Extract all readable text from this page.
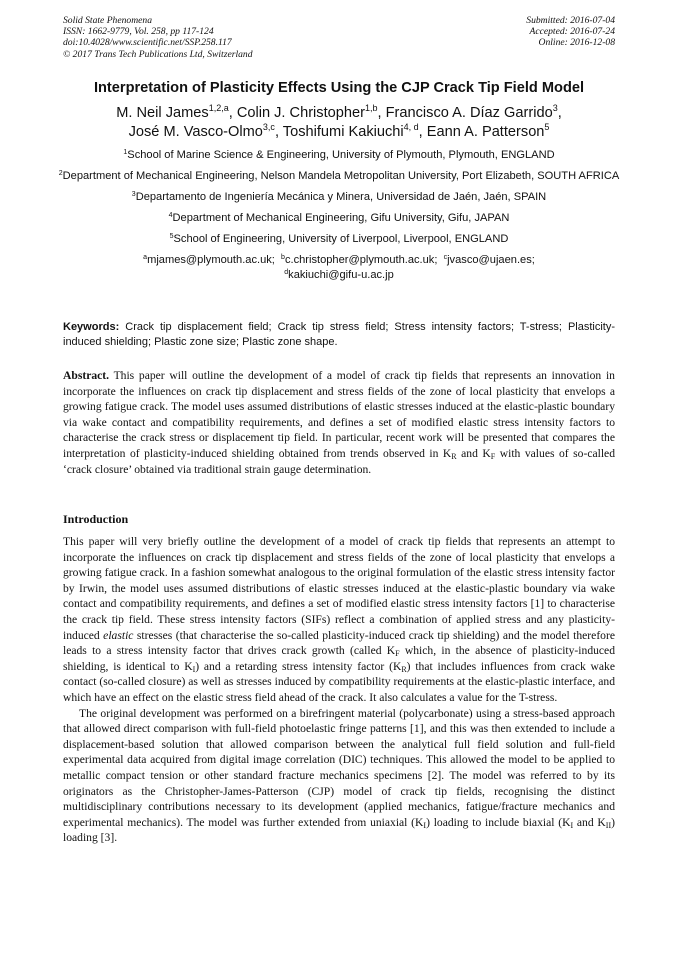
Solid State Phenomena
ISSN: 1662-9779, Vol. 258, pp 117-124
doi:10.4028/www.scientific.net/SSP.258.117
© 2017 Trans Tech Publications Ltd, Switzerland
Submitted: 2016-07-04
Accepted: 2016-07-24
Online: 2016-12-08
Interpretation of Plasticity Effects Using the CJP Crack Tip Field Model
M. Neil James$^{1,2,a}$, Colin J. Christopher$^{1,b}$, Francisco A. Díaz Garrido$^3$,
José M. Vasco-Olmo$^{3,c}$, Toshifumi Kakiuchi$^{4, d}$, Eann A. Patterson$^5$
$^1$School of Marine Science & Engineering, University of Plymouth, Plymouth, ENGLAND
$^2$Department of Mechanical Engineering, Nelson Mandela Metropolitan University, Port Elizabeth, SOUTH AFRICA
$^3$Departamento de Ingeniería Mecánica y Minera, Universidad de Jaén, Jaén, SPAIN
$^4$Department of Mechanical Engineering, Gifu University, Gifu, JAPAN
$^5$School of Engineering, University of Liverpool, Liverpool, ENGLAND
$^a$mjames@plymouth.ac.uk; $^b$c.christopher@plymouth.ac.uk; $^c$jvasco@ujaen.es;
$^d$kakiuchi@gifu-u.ac.jp
Keywords: Crack tip displacement field; Crack tip stress field; Stress intensity factors; T-stress; Plasticity-induced shielding; Plastic zone size; Plastic zone shape.
Abstract. This paper will outline the development of a model of crack tip fields that represents an innovation in incorporate the influences on crack tip displacement and stress fields of the zone of local plasticity that envelops a growing fatigue crack. The model uses assumed distributions of elastic stresses induced at the elastic-plastic boundary via wake contact and compatibility requirements, and defines a set of modified elastic stress intensity factors to characterise the crack stress or displacement tip field. In particular, recent work will be presented that compares the interpretation of plasticity-induced shielding obtained from trends observed in $K_R$ and $K_F$ with values of so-called ‘crack closure’ obtained via traditional strain gauge determination.
Introduction

This paper will very briefly outline the development of a model of crack tip fields that represents an attempt to incorporate the influences on crack tip displacement and stress fields of the zone of local plasticity that envelops a growing fatigue crack. In a fashion somewhat analogous to the original formulation of the elastic stress intensity factor by Irwin, the model uses assumed distributions of elastic stresses induced at the elastic-plastic boundary via wake contact and compatibility requirements, and defines a set of modified elastic stress intensity factors [1] to characterise the crack tip field. These stress intensity factors (SIFs) reflect a combination of applied stress and any plasticity-induced elastic stresses (that characterise the so-called plasticity-induced crack tip shielding) and the model therefore leads to a stress intensity factor that drives crack growth (called $K_F$ which, in the absence of plasticity-induced shielding, is identical to $K_I$) and a retarding stress intensity factor $(K_R)$ that includes influences from crack wake contact (so-called closure) as well as stresses induced by compatibility requirements at the elastic-plastic interface, and which have an effect on the elastic stress field ahead of the crack. It also calculates a value for the T-stress.

The original development was performed on a birefringent material (polycarbonate) using a stress-based approach that allowed direct comparison with full-field photoelastic fringe patterns [1], and this was then extended to include a displacement-based solution that allowed comparison between the analytical full field solution and full-field experimental data acquired from digital image correlation (DIC) techniques. This allowed the model to be applied to metallic compact tension or other standard fracture mechanics specimens [2]. The model was referred to by its originators as the Christopher-James-Patterson (CJP) model of crack tip fields, recognising the distinct multidisciplinary contributions necessary to its development (applied mechanics, fatigue/fracture mechanics and experimental mechanics). The model was further extended from uniaxial $(K_I)$ loading to include biaxial ($K_I$ and $K_{II}$) loading [3].
